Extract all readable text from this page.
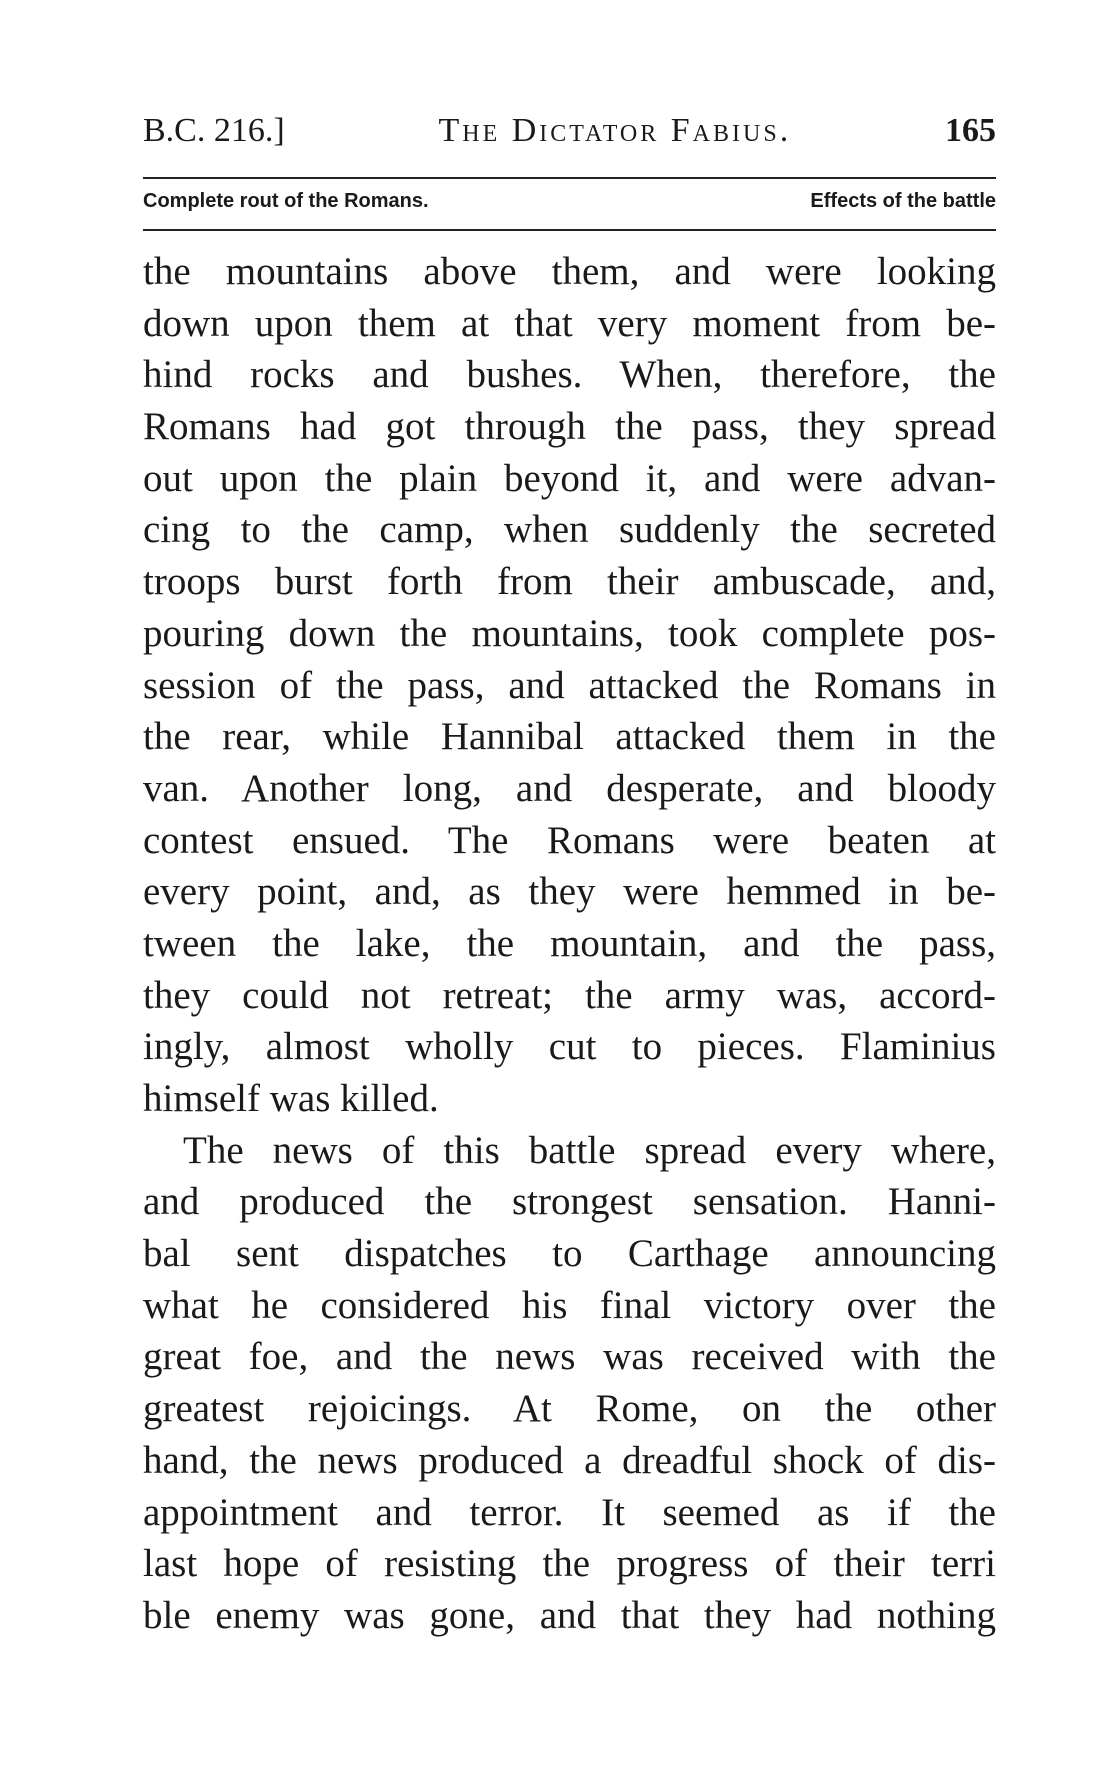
B.C. 216.]	The Dictator Fabius.	165
Complete rout of the Romans.	Effects of the battle
the mountains above them, and were looking
down upon them at that very moment from be-
hind rocks and bushes. When, therefore, the
Romans had got through the pass, they spread
out upon the plain beyond it, and were advan-
cing to the camp, when suddenly the secreted
troops burst forth from their ambuscade, and,
pouring down the mountains, took complete pos-
session of the pass, and attacked the Romans in
the rear, while Hannibal attacked them in the
van. Another long, and desperate, and bloody
contest ensued. The Romans were beaten at
every point, and, as they were hemmed in be-
tween the lake, the mountain, and the pass,
they could not retreat; the army was, accord-
ingly, almost wholly cut to pieces. Flaminius
himself was killed.
The news of this battle spread every where,
and produced the strongest sensation. Hanni-
bal sent dispatches to Carthage announcing
what he considered his final victory over the
great foe, and the news was received with the
greatest rejoicings. At Rome, on the other
hand, the news produced a dreadful shock of dis-
appointment and terror. It seemed as if the
last hope of resisting the progress of their terri
ble enemy was gone, and that they had nothing
